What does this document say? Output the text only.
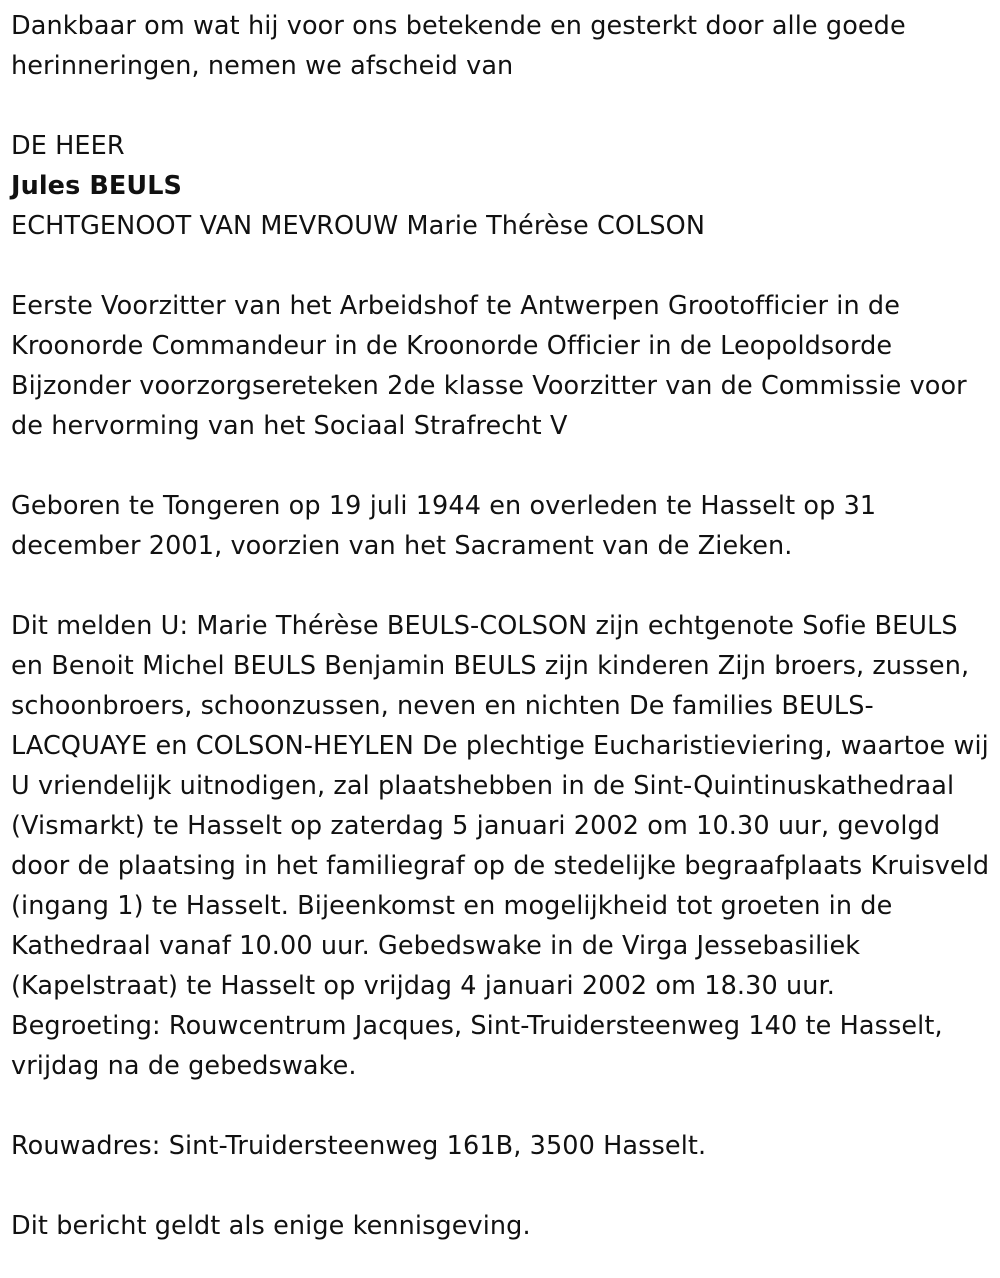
Dankbaar om wat hij voor ons betekende en gesterkt door alle goede herinneringen, nemen we afscheid van

DE HEER

Jules BEULS

ECHTGENOOT VAN MEVROUW Marie Thérèse COLSON

Eerste Voorzitter van het Arbeidshof te Antwerpen Grootofficier in de Kroonorde Commandeur in de Kroonorde Officier in de Leopoldsorde Bijzonder voorzorgsereteken 2de klasse Voorzitter van de Commissie voor de hervorming van het Sociaal Strafrecht V

Geboren te Tongeren op 19 juli 1944 en overleden te Hasselt op 31 december 2001, voorzien van het Sacrament van de Zieken.

Dit melden U: Marie Thérèse BEULS-COLSON zijn echtgenote Sofie BEULS en Benoit Michel BEULS Benjamin BEULS zijn kinderen Zijn broers, zussen, schoonbroers, schoonzussen, neven en nichten De families BEULS-LACQUAYE en COLSON-HEYLEN De plechtige Eucharistieviering, waartoe wij U vriendelijk uitnodigen, zal plaatshebben in de Sint-Quintinuskathedraal (Vismarkt) te Hasselt op zaterdag 5 januari 2002 om 10.30 uur, gevolgd door de plaatsing in het familiegraf op de stedelijke begraafplaats Kruisveld (ingang 1) te Hasselt. Bijeenkomst en mogelijkheid tot groeten in de Kathedraal vanaf 10.00 uur. Gebedswake in de Virga Jessebasiliek (Kapelstraat) te Hasselt op vrijdag 4 januari 2002 om 18.30 uur. Begroeting: Rouwcentrum Jacques, Sint-Truidersteenweg 140 te Hasselt, vrijdag na de gebedswake.

Rouwadres: Sint-Truidersteenweg 161B, 3500 Hasselt.

Dit bericht geldt als enige kennisgeving.
